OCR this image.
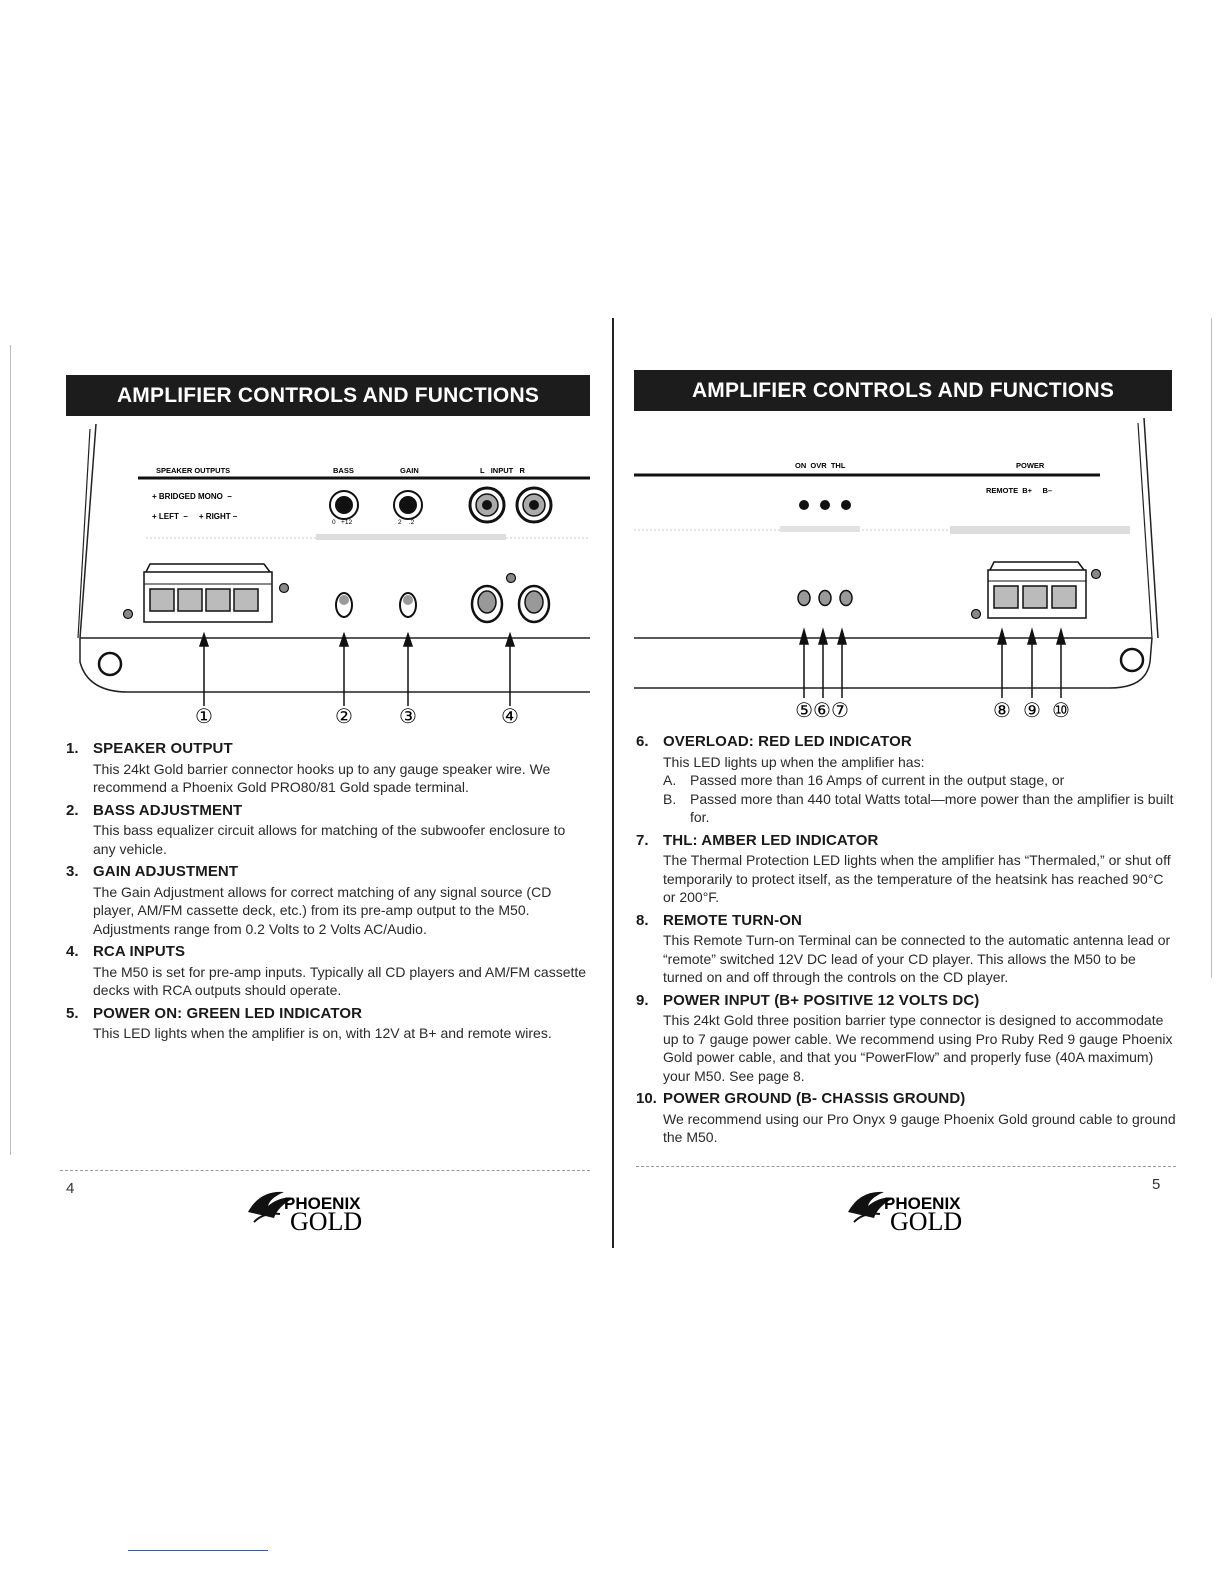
AMPLIFIER CONTROLS AND FUNCTIONS
SPEAKER OUTPUTS	BASS	GAIN	L   INPUT   R
+ BRIDGED MONO  –
+ LEFT  –     + RIGHT –
0   +12	2    .2
①	② ③	④
1. SPEAKER OUTPUT
This 24kt Gold barrier connector hooks up to any gauge speaker wire. We recommend a Phoenix Gold PRO80/81 Gold spade terminal.
2. BASS ADJUSTMENT
This bass equalizer circuit allows for matching of the subwoofer enclosure to any vehicle.
3. GAIN ADJUSTMENT
The Gain Adjustment allows for correct matching of any signal source (CD player, AM/FM cassette deck, etc.) from its pre-amp output to the M50. Adjustments range from 0.2 Volts to 2 Volts AC/Audio.
4. RCA INPUTS
The M50 is set for pre-amp inputs. Typically all CD players and AM/FM cassette decks with RCA outputs should operate.
5. POWER ON: GREEN LED INDICATOR
This LED lights when the amplifier is on, with 12V at B+ and remote wires.
4
PHOENIX
GOLD
AMPLIFIER CONTROLS AND FUNCTIONS
ON  OVR  THL	POWER
REMOTE  B+     B–
⑤⑥⑦	⑧ ⑨ ⑩
6. OVERLOAD: RED LED INDICATOR
This LED lights up when the amplifier has:
A. Passed more than 16 Amps of current in the output stage, or
B. Passed more than 440 total Watts total—more power than the amplifier is built for.
7. THL: AMBER LED INDICATOR
The Thermal Protection LED lights when the amplifier has “Thermaled,” or shut off temporarily to protect itself, as the temperature of the heatsink has reached 90°C or 200°F.
8. REMOTE TURN-ON
This Remote Turn-on Terminal can be connected to the automatic antenna lead or “remote” switched 12V DC lead of your CD player. This allows the M50 to be turned on and off through the controls on the CD player.
9. POWER INPUT (B+ POSITIVE 12 VOLTS DC)
This 24kt Gold three position barrier type connector is designed to accommodate up to 7 gauge power cable. We recommend using Pro Ruby Red 9 gauge Phoenix Gold power cable, and that you “PowerFlow” and properly fuse (40A maximum) your M50. See page 8.
10. POWER GROUND (B- CHASSIS GROUND)
We recommend using our Pro Onyx 9 gauge Phoenix Gold ground cable to ground the M50.
5
PHOENIX
GOLD
